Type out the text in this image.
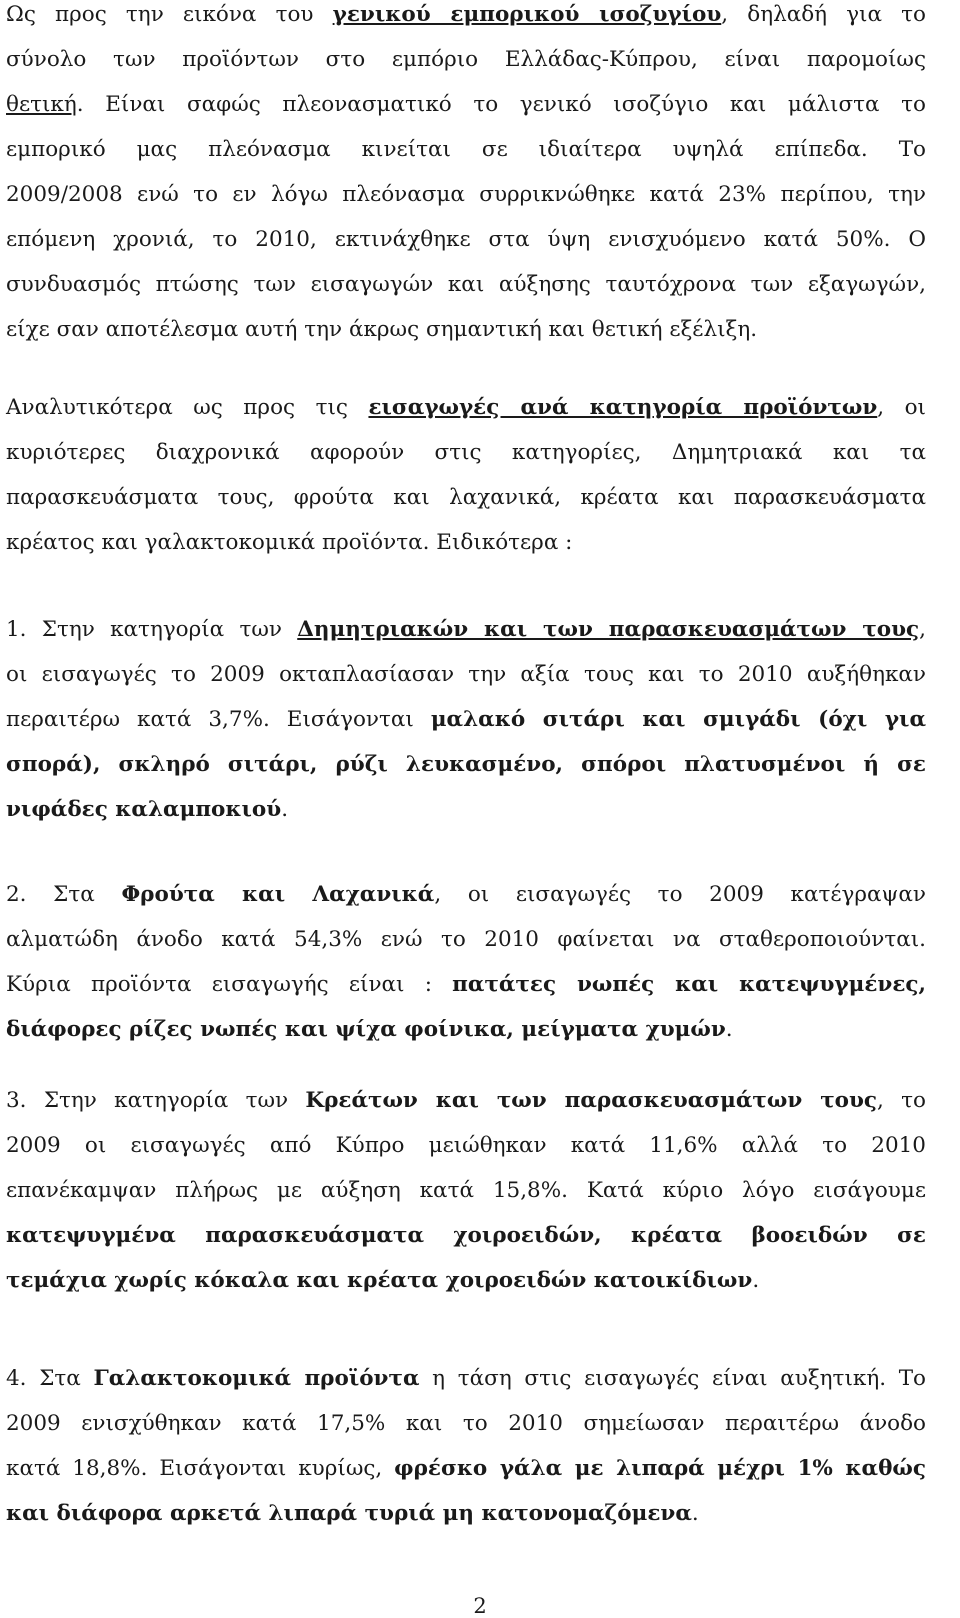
Ως προς την εικόνα του γενικού εμπορικού ισοζυγίου, δηλαδή για το
σύνολο των προϊόντων στο εμπόριο Ελλάδας-Κύπρου, είναι παρομοίως
θετική. Είναι σαφώς πλεονασματικό το γενικό ισοζύγιο και μάλιστα το
εμπορικό μας πλεόνασμα κινείται σε ιδιαίτερα υψηλά επίπεδα. Το
2009/2008 ενώ το εν λόγω πλεόνασμα συρρικνώθηκε κατά 23% περίπου, την
επόμενη χρονιά, το 2010, εκτινάχθηκε στα ύψη ενισχυόμενο κατά 50%. Ο
συνδυασμός πτώσης των εισαγωγών και αύξησης ταυτόχρονα των εξαγωγών,
είχε σαν αποτέλεσμα αυτή την άκρως σημαντική και θετική εξέλιξη.
Αναλυτικότερα ως προς τις εισαγωγές ανά κατηγορία προϊόντων, οι
κυριότερες διαχρονικά αφορούν στις κατηγορίες, Δημητριακά και τα
παρασκευάσματα τους, φρούτα και λαχανικά, κρέατα και παρασκευάσματα
κρέατος και γαλακτοκομικά προϊόντα. Ειδικότερα :
1. Στην κατηγορία των Δημητριακών και των παρασκευασμάτων τους,
οι εισαγωγές το 2009 οκταπλασίασαν την αξία τους και το 2010 αυξήθηκαν
περαιτέρω κατά 3,7%. Εισάγονται μαλακό σιτάρι και σμιγάδι (όχι για
σπορά), σκληρό σιτάρι, ρύζι λευκασμένο, σπόροι πλατυσμένοι ή σε
νιφάδες καλαμποκιού.
2. Στα Φρούτα και Λαχανικά, οι εισαγωγές το 2009 κατέγραψαν
αλματώδη άνοδο κατά 54,3% ενώ το 2010 φαίνεται να σταθεροποιούνται.
Κύρια προϊόντα εισαγωγής είναι : πατάτες νωπές και κατεψυγμένες,
διάφορες ρίζες νωπές και ψίχα φοίνικα, μείγματα χυμών.
3. Στην κατηγορία των Κρεάτων και των παρασκευασμάτων τους, το
2009 οι εισαγωγές από Κύπρο μειώθηκαν κατά 11,6% αλλά το 2010
επανέκαμψαν πλήρως με αύξηση κατά 15,8%. Κατά κύριο λόγο εισάγουμε
κατεψυγμένα παρασκευάσματα χοιροειδών, κρέατα βοοειδών σε
τεμάχια χωρίς κόκαλα και κρέατα χοιροειδών κατοικίδιων.
4. Στα Γαλακτοκομικά προϊόντα η τάση στις εισαγωγές είναι αυξητική. Το
2009 ενισχύθηκαν κατά 17,5% και το 2010 σημείωσαν περαιτέρω άνοδο
κατά 18,8%. Εισάγονται κυρίως, φρέσκο γάλα με λιπαρά μέχρι 1% καθώς
και διάφορα αρκετά λιπαρά τυριά μη κατονομαζόμενα.
2
